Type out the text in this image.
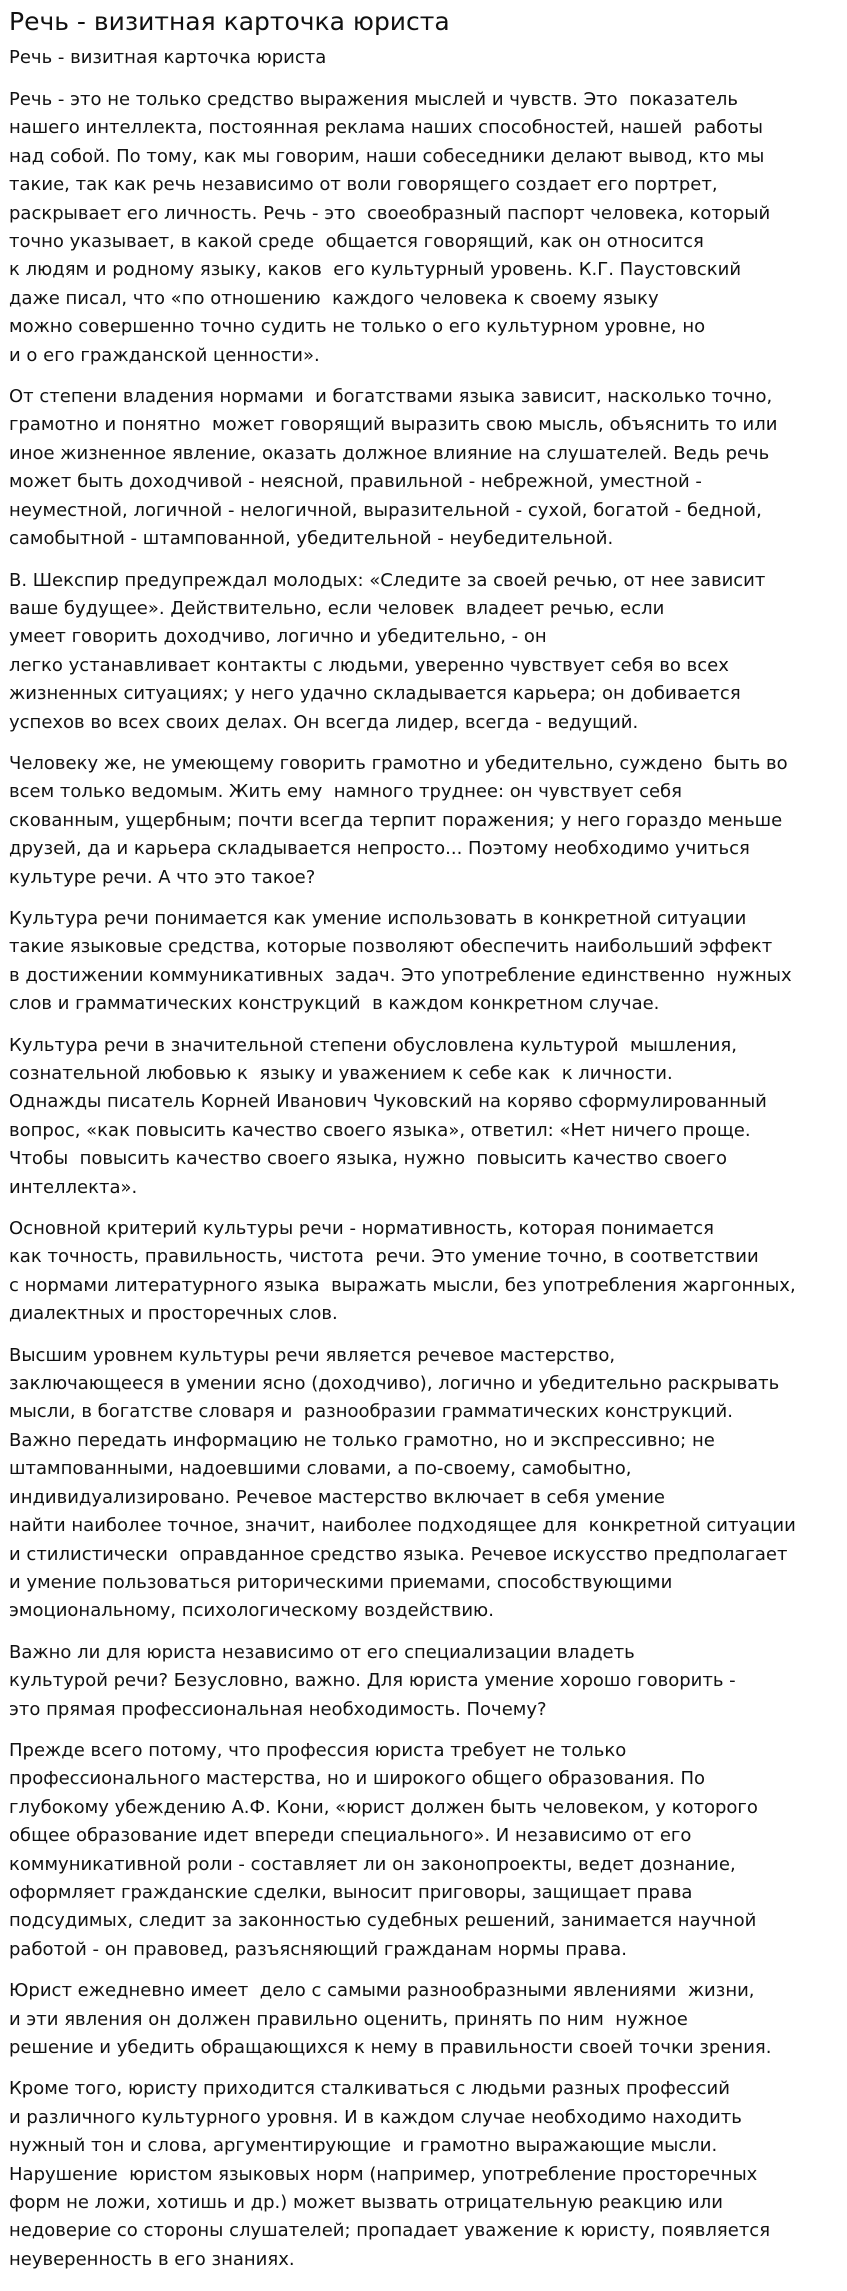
Речь - визитная карточка юриста
Речь - визитная карточка юриста

Речь - это не только средство выражения мыслей и чувств. Это  показатель
нашего интеллекта, постоянная реклама наших способностей, нашей  работы
над собой. По тому, как мы говорим, наши собеседники делают вывод, кто мы
такие, так как речь независимо от воли говорящего создает его портрет,
раскрывает его личность. Речь - это  своеобразный паспорт человека, который
точно указывает, в какой среде  общается говорящий, как он относится
к людям и родному языку, каков  его культурный уровень. К.Г. Паустовский
даже писал, что «по отношению  каждого человека к своему языку
можно совершенно точно судить не только о его культурном уровне, но
и о его гражданской ценности».

От степени владения нормами  и богатствами языка зависит, насколько точно,
грамотно и понятно  может говорящий выразить свою мысль, объяснить то или
иное жизненное явление, оказать должное влияние на слушателей. Ведь речь
может быть доходчивой - неясной, правильной - небрежной, уместной -
неуместной, логичной - нелогичной, выразительной - сухой, богатой - бедной,
самобытной - штампованной, убедительной - неубедительной.

В. Шекспир предупреждал молодых: «Следите за своей речью, от нее зависит
ваше будущее». Действительно, если человек  владеет речью, если
умеет говорить доходчиво, логично и убедительно, - он
легко устанавливает контакты с людьми, уверенно чувствует себя во всех
жизненных ситуациях; у него удачно складывается карьера; он добивается
успехов во всех своих делах. Он всегда лидер, всегда - ведущий.

Человеку же, не умеющему говорить грамотно и убедительно, суждено  быть во
всем только ведомым. Жить ему  намного труднее: он чувствует себя
скованным, ущербным; почти всегда терпит поражения; у него гораздо меньше
друзей, да и карьера складывается непросто... Поэтому необходимо учиться
культуре речи. А что это такое?

Культура речи понимается как умение использовать в конкретной ситуации
такие языковые средства, которые позволяют обеспечить наибольший эффект
в достижении коммуникативных  задач. Это употребление единственно  нужных
слов и грамматических конструкций  в каждом конкретном случае.

Культура речи в значительной степени обусловлена культурой  мышления,
сознательной любовью к  языку и уважением к себе как  к личности.
Однажды писатель Корней Иванович Чуковский на коряво сформулированный
вопрос, «как повысить качество своего языка», ответил: «Нет ничего проще.
Чтобы  повысить качество своего языка, нужно  повысить качество своего
интеллекта».

Основной критерий культуры речи - нормативность, которая понимается
как точность, правильность, чистота  речи. Это умение точно, в соответствии
с нормами литературного языка  выражать мысли, без употребления жаргонных,
диалектных и просторечных слов.

Высшим уровнем культуры речи является речевое мастерство,
заключающееся в умении ясно (доходчиво), логично и убедительно раскрывать
мысли, в богатстве словаря и  разнообразии грамматических конструкций.
Важно передать информацию не только грамотно, но и экспрессивно; не
штампованными, надоевшими словами, а по-своему, самобытно,
индивидуализировано. Речевое мастерство включает в себя умение
найти наиболее точное, значит, наиболее подходящее для  конкретной ситуации
и стилистически  оправданное средство языка. Речевое искусство предполагает
и умение пользоваться риторическими приемами, способствующими
эмоциональному, психологическому воздействию.

Важно ли для юриста независимо от его специализации владеть
культурой речи? Безусловно, важно. Для юриста умение хорошо говорить -
это прямая профессиональная необходимость. Почему?

Прежде всего потому, что профессия юриста требует не только
профессионального мастерства, но и широкого общего образования. По
глубокому убеждению А.Ф. Кони, «юрист должен быть человеком, у которого
общее образование идет впереди специального». И независимо от его
коммуникативной роли - составляет ли он законопроекты, ведет дознание,
оформляет гражданские сделки, выносит приговоры, защищает права
подсудимых, следит за законностью судебных решений, занимается научной
работой - он правовед, разъясняющий гражданам нормы права.

Юрист ежедневно имеет  дело с самыми разнообразными явлениями  жизни,
и эти явления он должен правильно оценить, принять по ним  нужное
решение и убедить обращающихся к нему в правильности своей точки зрения.

Кроме того, юристу приходится сталкиваться с людьми разных профессий
и различного культурного уровня. И в каждом случае необходимо находить
нужный тон и слова, аргументирующие  и грамотно выражающие мысли.
Нарушение  юристом языковых норм (например, употребление просторечных
форм не ложи, хотишь и др.) может вызвать отрицательную реакцию или
недоверие со стороны слушателей; пропадает уважение к юристу, появляется
неуверенность в его знаниях.
